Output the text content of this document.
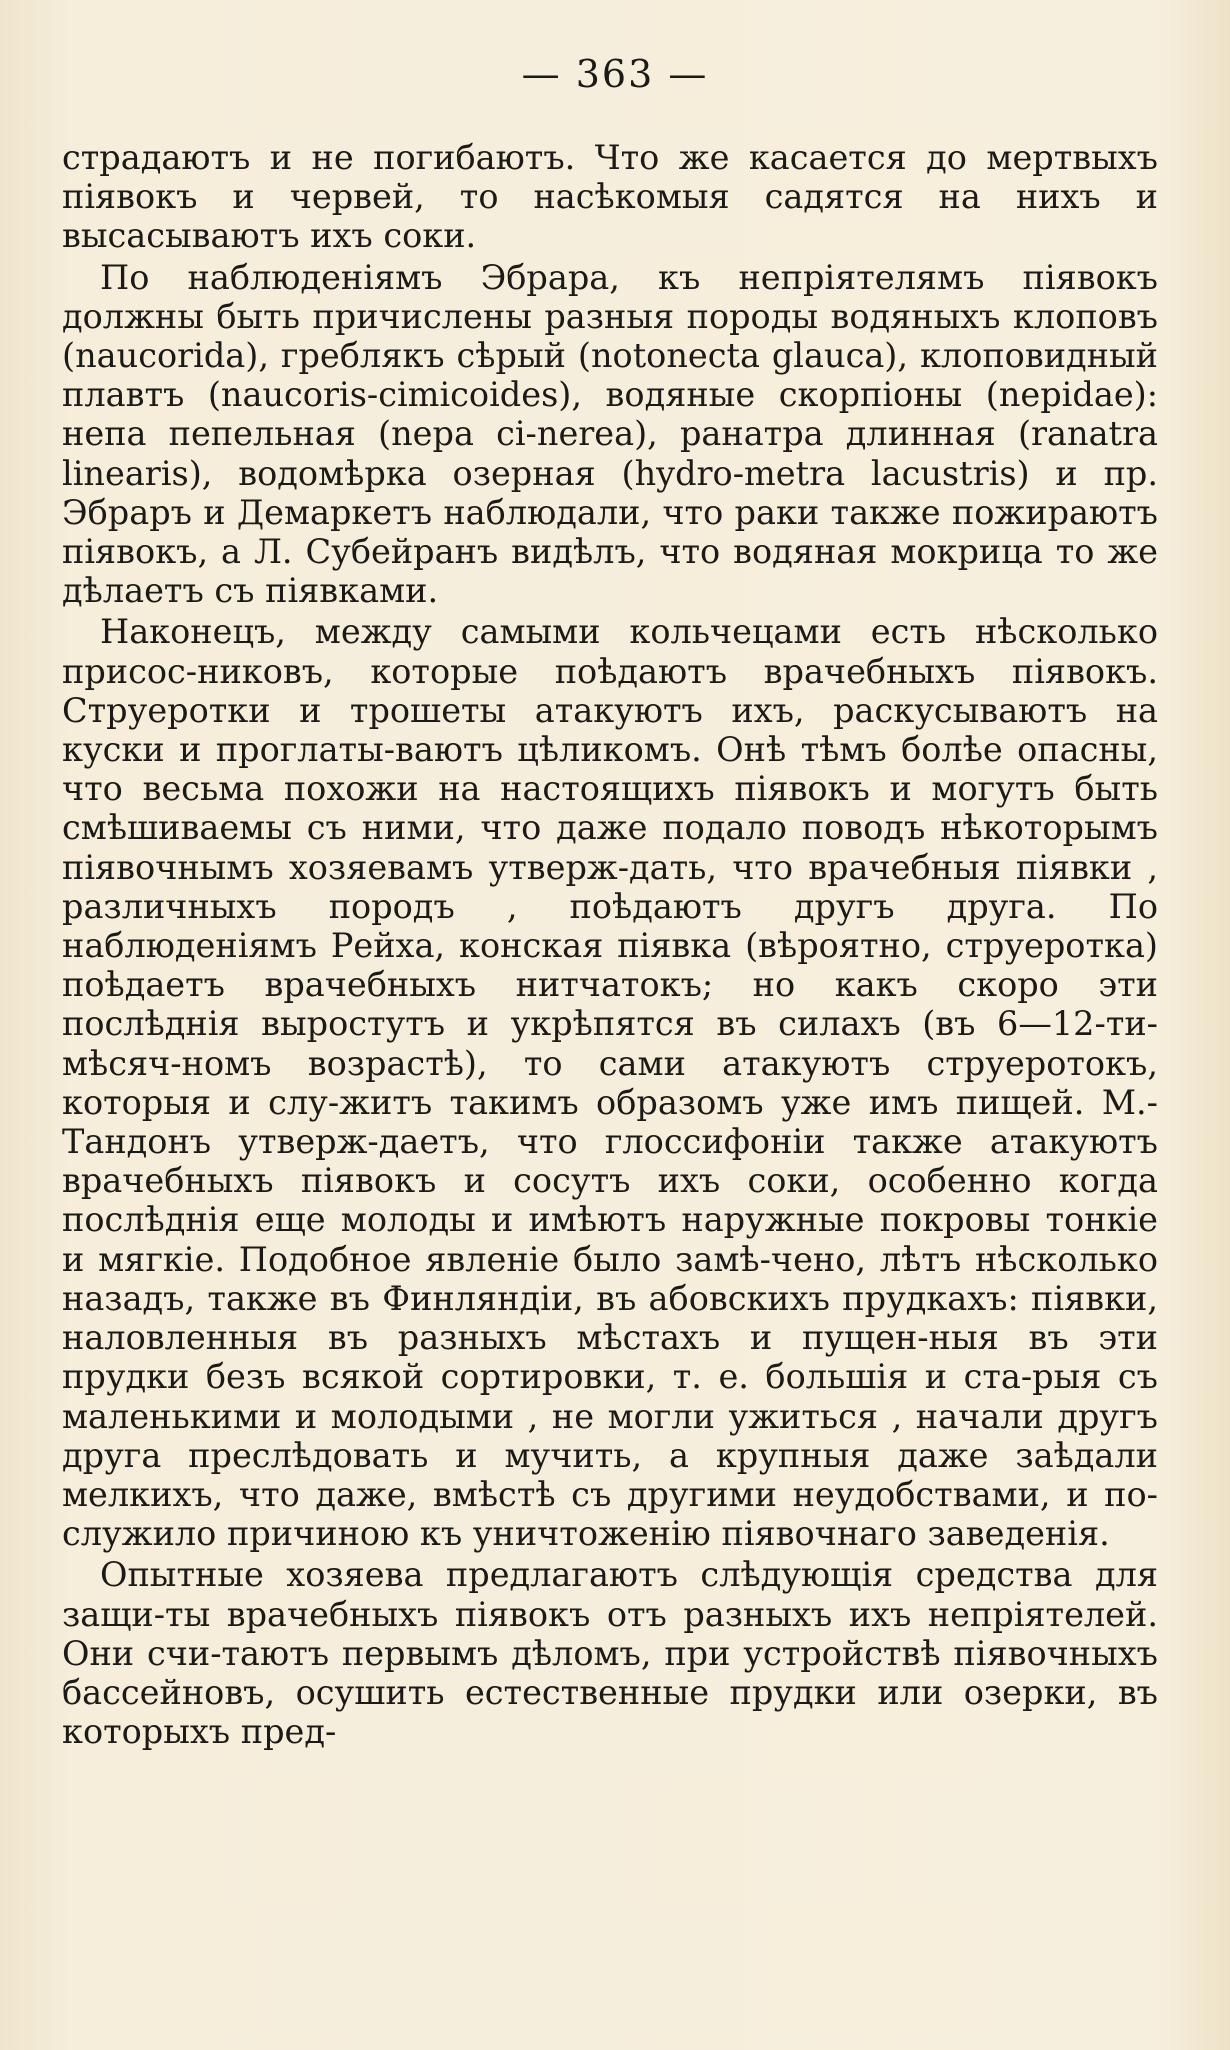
— 363 —

страдаютъ и не погибаютъ. Что же касается до мертвыхъ піявокъ и червей, то насѣкомыя садятся на нихъ и высасываютъ ихъ соки.

По наблюденіямъ Эбрара, къ непріятелямъ піявокъ должны быть причислены разныя породы водяныхъ клоповъ (naucorida), греблякъ сѣрый (notonecta glauca), клоповидный плавтъ (naucoris-cimicoides), водяные скорпіоны (nepidae): непа пепельная (nepa ci-nerea), ранатра длинная (ranatra linearis), водомѣрка озерная (hydro-metra lacustris) и пр. Эбраръ и Демаркетъ наблюдали, что раки также пожираютъ піявокъ, а Л. Субейранъ видѣлъ, что водяная мокрица то же дѣлаетъ съ піявками.

Наконецъ, между самыми кольчецами есть нѣсколько присос-никовъ, которые поѣдаютъ врачебныхъ піявокъ. Струеротки и трошеты атакуютъ ихъ, раскусываютъ на куски и проглаты-ваютъ цѣликомъ. Онѣ тѣмъ болѣе опасны, что весьма похожи на настоящихъ піявокъ и могутъ быть смѣшиваемы съ ними, что даже подало поводъ нѣкоторымъ піявочнымъ хозяевамъ утверж-дать, что врачебныя піявки , различныхъ породъ , поѣдаютъ другъ друга. По наблюденіямъ Рейха, конская піявка (вѣроятно, струеротка) поѣдаетъ врачебныхъ нитчатокъ; но какъ скоро эти послѣднія выростутъ и укрѣпятся въ силахъ (въ 6—12-ти-мѣсяч-номъ возрастѣ), то сами атакуютъ струеротокъ, которыя и слу-житъ такимъ образомъ уже имъ пищей. М.-Тандонъ утверж-даетъ, что глоссифоніи также атакуютъ врачебныхъ піявокъ и сосутъ ихъ соки, особенно когда послѣднія еще молоды и имѣютъ наружные покровы тонкіе и мягкіе. Подобное явленіе было замѣ-чено, лѣтъ нѣсколько назадъ, также въ Финляндіи, въ абовскихъ прудкахъ: піявки, наловленныя въ разныхъ мѣстахъ и пущен-ныя въ эти прудки безъ всякой сортировки, т. е. большія и ста-рыя съ маленькими и молодыми , не могли ужиться , начали другъ друга преслѣдовать и мучить, а крупныя даже заѣдали мелкихъ, что даже, вмѣстѣ съ другими неудобствами, и по-служило причиною къ уничтоженію піявочнаго заведенія.

Опытные хозяева предлагаютъ слѣдующія средства для защи-ты врачебныхъ піявокъ отъ разныхъ ихъ непріятелей. Они счи-таютъ первымъ дѣломъ, при устройствѣ піявочныхъ бассейновъ, осушить естественные прудки или озерки, въ которыхъ пред-
